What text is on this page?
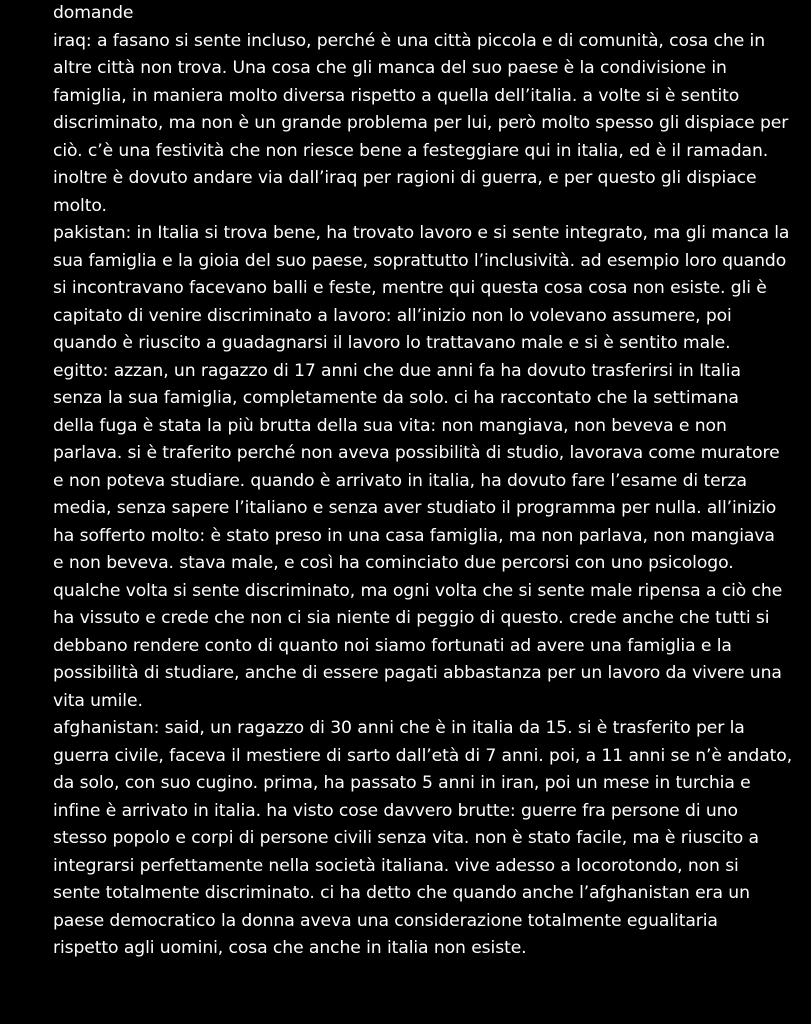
domande
iraq: a fasano si sente incluso, perché è una città piccola e di comunità, cosa che in
altre città non trova. Una cosa che gli manca del suo paese è la condivisione in
famiglia, in maniera molto diversa rispetto a quella dell’italia. a volte si è sentito
discriminato, ma non è un grande problema per lui, però molto spesso gli dispiace per
ciò. c’è una festività che non riesce bene a festeggiare qui in italia, ed è il ramadan.
inoltre è dovuto andare via dall’iraq per ragioni di guerra, e per questo gli dispiace
molto.
pakistan: in Italia si trova bene, ha trovato lavoro e si sente integrato, ma gli manca la
sua famiglia e la gioia del suo paese, soprattutto l’inclusività. ad esempio loro quando
si incontravano facevano balli e feste, mentre qui questa cosa cosa non esiste. gli è
capitato di venire discriminato a lavoro: all’inizio non lo volevano assumere, poi
quando è riuscito a guadagnarsi il lavoro lo trattavano male e si è sentito male.
egitto: azzan, un ragazzo di 17 anni che due anni fa ha dovuto trasferirsi in Italia
senza la sua famiglia, completamente da solo. ci ha raccontato che la settimana
della fuga è stata la più brutta della sua vita: non mangiava, non beveva e non
parlava. si è traferito perché non aveva possibilità di studio, lavorava come muratore
e non poteva studiare. quando è arrivato in italia, ha dovuto fare l’esame di terza
media, senza sapere l’italiano e senza aver studiato il programma per nulla. all’inizio
ha sofferto molto: è stato preso in una casa famiglia, ma non parlava, non mangiava
e non beveva. stava male, e così ha cominciato due percorsi con uno psicologo.
qualche volta si sente discriminato, ma ogni volta che si sente male ripensa a ciò che
ha vissuto e crede che non ci sia niente di peggio di questo. crede anche che tutti si
debbano rendere conto di quanto noi siamo fortunati ad avere una famiglia e la
possibilità di studiare, anche di essere pagati abbastanza per un lavoro da vivere una
vita umile.
afghanistan: said, un ragazzo di 30 anni che è in italia da 15. si è trasferito per la
guerra civile, faceva il mestiere di sarto dall’età di 7 anni. poi, a 11 anni se n’è andato,
da solo, con suo cugino. prima, ha passato 5 anni in iran, poi un mese in turchia e
infine è arrivato in italia. ha visto cose davvero brutte: guerre fra persone di uno
stesso popolo e corpi di persone civili senza vita. non è stato facile, ma è riuscito a
integrarsi perfettamente nella società italiana. vive adesso a locorotondo, non si
sente totalmente discriminato. ci ha detto che quando anche l’afghanistan era un
paese democratico la donna aveva una considerazione totalmente egualitaria
rispetto agli uomini, cosa che anche in italia non esiste.
